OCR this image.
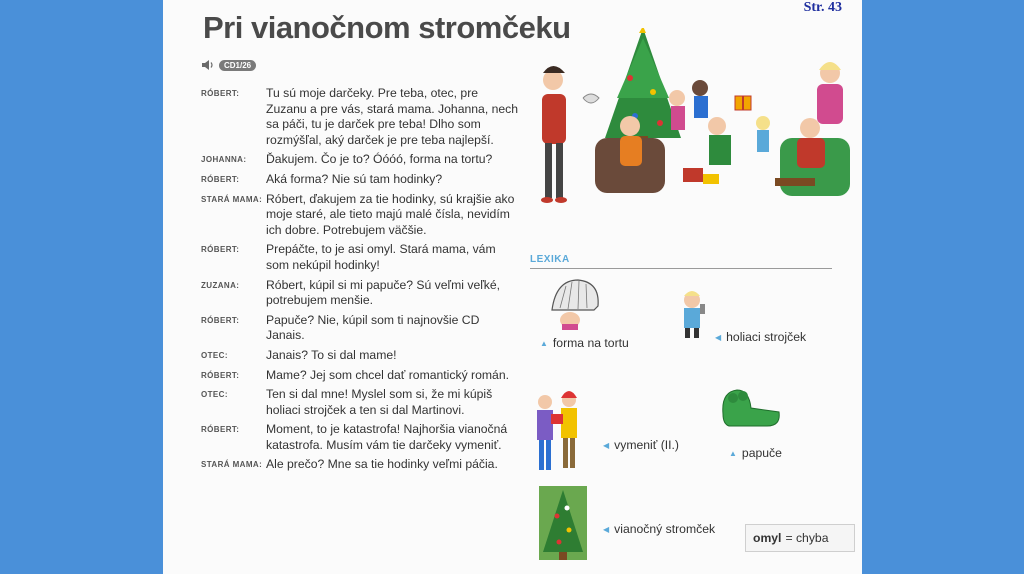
Str. 43
Pri vianočnom stromčeku
CD1/26
RÓBERT:	Tu sú moje darčeky. Pre teba, otec, pre Zuzanu a pre vás, stará mama. Johanna, nech sa páči, tu je darček pre teba! Dlho som rozmýšľal, aký darček je pre teba najlepší.
JOHANNA:	Ďakujem. Čo je to? Óóóó, forma na tortu?
RÓBERT:	Aká forma? Nie sú tam hodinky?
STARÁ MAMA: Róbert, ďakujem za tie hodinky, sú krajšie ako moje staré, ale tieto majú malé čísla, nevidím ich dobre. Potrebujem väčšie.
RÓBERT:	Prepáčte, to je asi omyl. Stará mama, vám som nekúpil hodinky!
ZUZANA:	Róbert, kúpil si mi papuče? Sú veľmi veľké, potrebujem menšie.
RÓBERT:	Papuče? Nie, kúpil som ti najnovšie CD Janais.
OTEC:	Janais? To si dal mame!
RÓBERT:	Mame? Jej som chcel dať romantický román.
OTEC:	Ten si dal mne! Myslel som si, že mi kúpiš holiaci strojček a ten si dal Martinovi.
RÓBERT:	Moment, to je katastrofa! Najhoršia vianočná katastrofa. Musím vám tie darčeky vymeniť.
STARÁ MAMA: Ale prečo? Mne sa tie hodinky veľmi páčia.
LEXIKA
▲ forma na tortu	◀ holiaci strojček
◀ vymeniť (II.)
▲ papuče
◀ vianočný stromček
omyl = chyba
